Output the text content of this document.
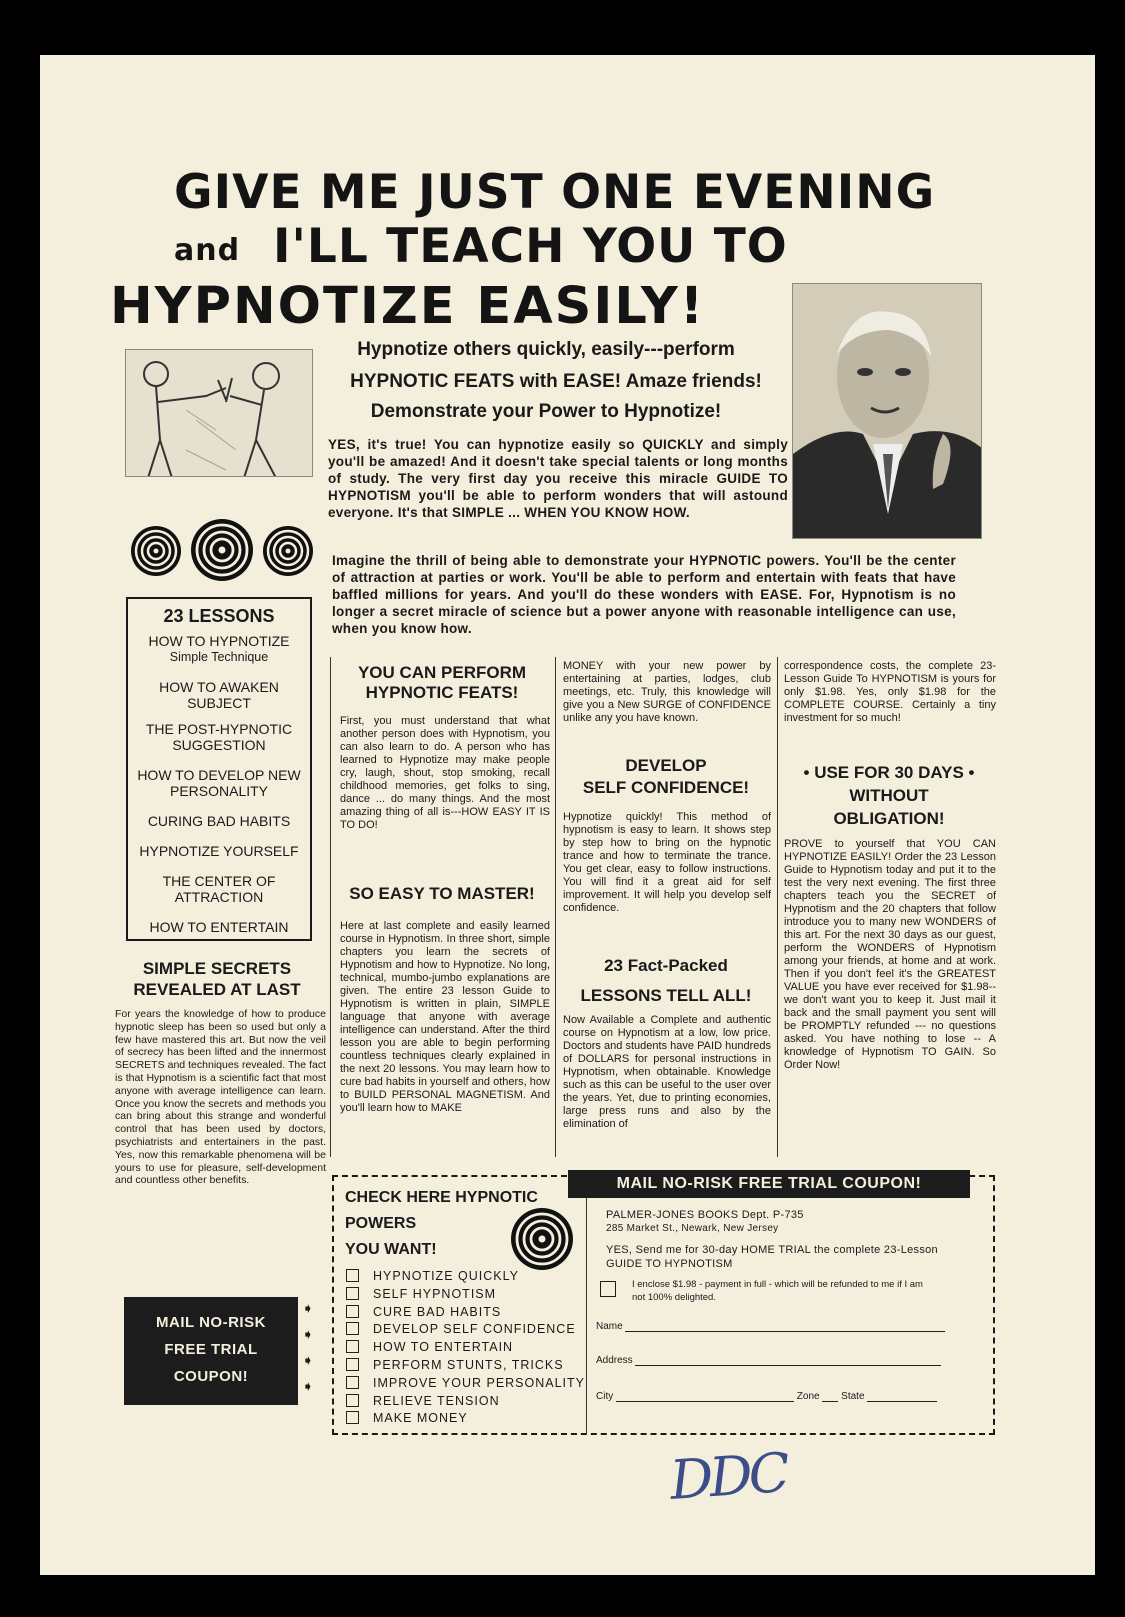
GIVE ME JUST ONE EVENING
and I'LL TEACH YOU TO
HYPNOTIZE EASILY!
Hypnotize others quickly, easily---perform
HYPNOTIC FEATS with EASE! Amaze friends!
Demonstrate your Power to Hypnotize!
YES, it's true! You can hypnotize easily so QUICKLY and simply you'll be amazed! And it doesn't take special talents or long months of study. The very first day you receive this miracle GUIDE TO HYPNOTISM you'll be able to perform wonders that will astound everyone. It's that SIMPLE ... WHEN YOU KNOW HOW.
Imagine the thrill of being able to demonstrate your HYPNOTIC powers. You'll be the center of attraction at parties or work. You'll be able to perform and entertain with feats that have baffled millions for years. And you'll do these wonders with EASE. For, Hypnotism is no longer a secret miracle of science but a power anyone with reasonable intelligence can use, when you know how.
23 LESSONS
HOW TO HYPNOTIZE
Simple Technique
HOW TO AWAKEN SUBJECT
THE POST-HYPNOTIC
SUGGESTION
HOW TO DEVELOP NEW
PERSONALITY
CURING BAD HABITS
HYPNOTIZE YOURSELF
THE CENTER OF
ATTRACTION
HOW TO ENTERTAIN
SIMPLE SECRETS
REVEALED AT LAST
For years the knowledge of how to produce hypnotic sleep has been so used but only a few have mastered this art. But now the veil of secrecy has been lifted and the innermost SECRETS and techniques revealed. The fact is that Hypnotism is a scientific fact that most anyone with average intelligence can learn. Once you know the secrets and methods you can bring about this strange and wonderful control that has been used by doctors, psychiatrists and entertainers in the past. Yes, now this remarkable phenomena will be yours to use for pleasure, self-development and countless other benefits.
MAIL NO-RISK
FREE TRIAL
COUPON!
➧
➧
➧
➧
YOU CAN PERFORM
HYPNOTIC FEATS!
First, you must understand that what another person does with Hypnotism, you can also learn to do. A person who has learned to Hypnotize may make people cry, laugh, shout, stop smoking, recall childhood memories, get folks to sing, dance ... do many things. And the most amazing thing of all is---HOW EASY IT IS TO DO!
SO EASY TO MASTER!
Here at last complete and easily learned course in Hypnotism. In three short, simple chapters you learn the secrets of Hypnotism and how to Hypnotize. No long, technical, mumbo-jumbo explanations are given. The entire 23 lesson Guide to Hypnotism is written in plain, SIMPLE language that anyone with average intelligence can understand. After the third lesson you are able to begin performing countless techniques clearly explained in the next 20 lessons. You may learn how to cure bad habits in yourself and others, how to BUILD PERSONAL MAGNETISM. And you'll learn how to MAKE
MONEY with your new power by entertaining at parties, lodges, club meetings, etc. Truly, this knowledge will give you a New SURGE of CONFIDENCE unlike any you have known.
DEVELOP
SELF CONFIDENCE!
Hypnotize quickly! This method of hypnotism is easy to learn. It shows step by step how to bring on the hypnotic trance and how to terminate the trance. You get clear, easy to follow instructions. You will find it a great aid for self improvement. It will help you develop self confidence.
23 Fact-Packed
LESSONS TELL ALL!
Now Available a Complete and authentic course on Hypnotism at a low, low price. Doctors and students have PAID hundreds of DOLLARS for personal instructions in Hypnotism, when obtainable. Knowledge such as this can be useful to the user over the years. Yet, due to printing economies, large press runs and also by the elimination of
correspondence costs, the complete 23-Lesson Guide To HYPNOTISM is yours for only $1.98. Yes, only $1.98 for the COMPLETE COURSE. Certainly a tiny investment for so much!
• USE FOR 30 DAYS •
WITHOUT
OBLIGATION!
PROVE to yourself that YOU CAN HYPNOTIZE EASILY! Order the 23 Lesson Guide to Hypnotism today and put it to the test the very next evening. The first three chapters teach you the SECRET of Hypnotism and the 20 chapters that follow introduce you to many new WONDERS of this art. For the next 30 days as our guest, perform the WONDERS of Hypnotism among your friends, at home and at work. Then if you don't feel it's the GREATEST VALUE you have ever received for $1.98--we don't want you to keep it. Just mail it back and the small payment you sent will be PROMPTLY refunded --- no questions asked. You have nothing to lose -- A knowledge of Hypnotism TO GAIN. So Order Now!
CHECK HERE HYPNOTIC
POWERS
YOU WANT!
HYPNOTIZE QUICKLY
SELF HYPNOTISM
CURE BAD HABITS
DEVELOP SELF CONFIDENCE
HOW TO ENTERTAIN
PERFORM STUNTS, TRICKS
IMPROVE YOUR PERSONALITY
RELIEVE TENSION
MAKE MONEY
MAIL NO-RISK FREE TRIAL COUPON!
PALMER-JONES BOOKS Dept. P-735
285 Market St., Newark, New Jersey
YES, Send me for 30-day HOME TRIAL the complete 23-Lesson GUIDE TO HYPNOTISM
I enclose $1.98 - payment in full - which will be refunded to me if I am not 100% delighted.
Name
Address
City	Zone State
DDC
